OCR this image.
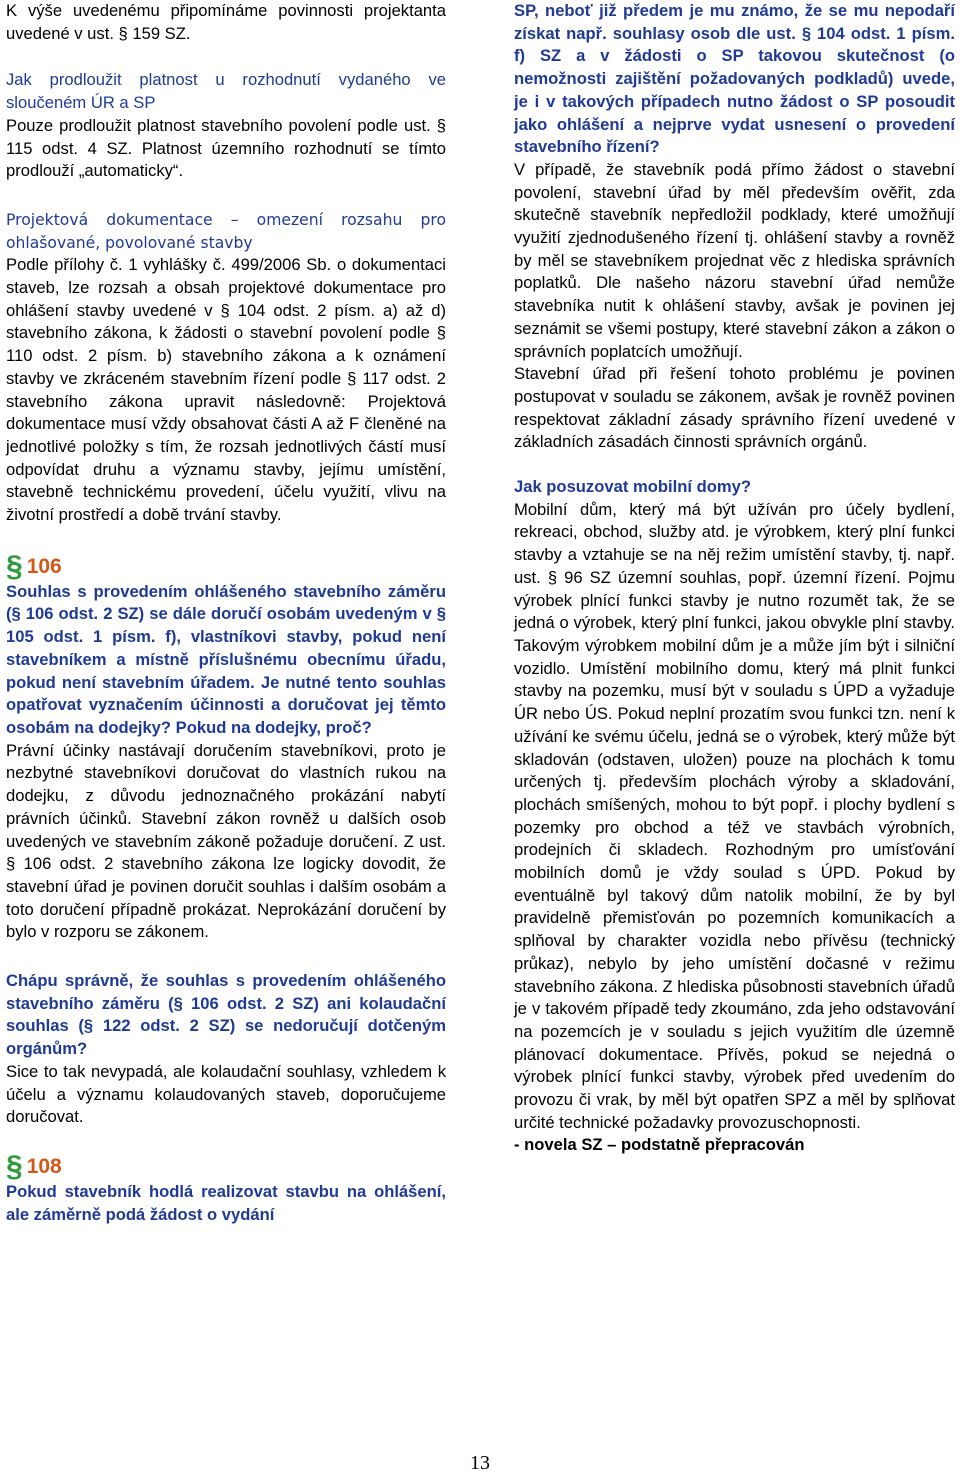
K výše uvedenému připomínáme povinnosti projektanta uvedené v ust. § 159 SZ.

Jak prodloužit platnost u rozhodnutí vydaného ve sloučeném ÚR a SP

Pouze prodloužit platnost stavebního povolení podle ust. § 115 odst. 4 SZ. Platnost územního rozhodnutí se tímto prodlouží „automaticky“.

Projektová dokumentace – omezení rozsahu pro ohlašované, povolované stavby

Podle přílohy č. 1 vyhlášky č. 499/2006 Sb. o dokumentaci staveb, lze rozsah a obsah projektové dokumentace pro ohlášení stavby uvedené v § 104 odst. 2 písm. a) až d) stavebního zákona, k žádosti o stavební povolení podle § 110 odst. 2 písm. b) stavebního zákona a k oznámení stavby ve zkráceném stavebním řízení podle § 117 odst. 2 stavebního zákona upravit následovně: Projektová dokumentace musí vždy obsahovat části A až F členěné na jednotlivé položky s tím, že rozsah jednotlivých částí musí odpovídat druhu a významu stavby, jejímu umístění, stavebně technickému provedení, účelu využití, vlivu na životní prostředí a době trvání stavby.

§ 106

Souhlas s provedením ohlášeného stavebního záměru (§ 106 odst. 2 SZ) se dále doručí osobám uvedeným v § 105 odst. 1 písm. f), vlastníkovi stavby, pokud není stavebníkem a místně příslušnému obecnímu úřadu, pokud není stavebním úřadem. Je nutné tento souhlas opatřovat vyznačením účinnosti a doručovat jej těmto osobám na dodejky? Pokud na dodejky, proč?

Právní účinky nastávají doručením stavebníkovi, proto je nezbytné stavebníkovi doručovat do vlastních rukou na dodejku, z důvodu jednoznačného prokázání nabytí právních účinků. Stavební zákon rovněž u dalších osob uvedených ve stavebním zákoně požaduje doručení. Z ust. § 106 odst. 2 stavebního zákona lze logicky dovodit, že stavební úřad je povinen doručit souhlas i dalším osobám a toto doručení případně prokázat. Neprokázání doručení by bylo v rozporu se zákonem.

Chápu správně, že souhlas s provedením ohlášeného stavebního záměru (§ 106 odst. 2 SZ) ani kolaudační souhlas (§ 122 odst. 2 SZ) se nedoručují dotčeným orgánům?

Sice to tak nevypadá, ale kolaudační souhlasy, vzhledem k účelu a významu kolaudovaných staveb, doporučujeme doručovat.

§ 108

Pokud stavebník hodlá realizovat stavbu na ohlášení, ale záměrně podá žádost o vydání

SP, neboť již předem je mu známo, že se mu nepodaří získat např. souhlasy osob dle ust. § 104 odst. 1 písm. f) SZ a v žádosti o SP takovou skutečnost (o nemožnosti zajištění požadovaných podkladů) uvede, je i v takových případech nutno žádost o SP posoudit jako ohlášení a nejprve vydat usnesení o provedení stavebního řízení?

V případě, že stavebník podá přímo žádost o stavební povolení, stavební úřad by měl především ověřit, zda skutečně stavebník nepředložil podklady, které umožňují využití zjednodušeného řízení tj. ohlášení stavby a rovněž by měl se stavebníkem projednat věc z hlediska správních poplatků. Dle našeho názoru stavební úřad nemůže stavebníka nutit k ohlášení stavby, avšak je povinen jej seznámit se všemi postupy, které stavební zákon a zákon o správních poplatcích umožňují.

Stavební úřad při řešení tohoto problému je povinen postupovat v souladu se zákonem, avšak je rovněž povinen respektovat základní zásady správního řízení uvedené v základních zásadách činnosti správních orgánů.

Jak posuzovat mobilní domy?

Mobilní dům, který má být užíván pro účely bydlení, rekreaci, obchod, služby atd. je výrobkem, který plní funkci stavby a vztahuje se na něj režim umístění stavby, tj. např. ust. § 96 SZ územní souhlas, popř. územní řízení. Pojmu výrobek plnící funkci stavby je nutno rozumět tak, že se jedná o výrobek, který plní funkci, jakou obvykle plní stavby. Takovým výrobkem mobilní dům je a může jím být i silniční vozidlo. Umístění mobilního domu, který má plnit funkci stavby na pozemku, musí být v souladu s ÚPD a vyžaduje ÚR nebo ÚS. Pokud neplní prozatím svou funkci tzn. není k užívání ke svému účelu, jedná se o výrobek, který může být skladován (odstaven, uložen) pouze na plochách k tomu určených tj. především plochách výroby a skladování, plochách smíšených, mohou to být popř. i plochy bydlení s pozemky pro obchod a též ve stavbách výrobních, prodejních či skladech. Rozhodným pro umísťování mobilních domů je vždy soulad s ÚPD. Pokud by eventuálně byl takový dům natolik mobilní, že by byl pravidelně přemisťován po pozemních komunikacích a splňoval by charakter vozidla nebo přívěsu (technický průkaz), nebylo by jeho umístění dočasné v režimu stavebního zákona. Z hlediska působnosti stavebních úřadů je v takovém případě tedy zkoumáno, zda jeho odstavování na pozemcích je v souladu s jejich využitím dle územně plánovací dokumentace. Přívěs, pokud se nejedná o výrobek plnící funkci stavby, výrobek před uvedením do provozu či vrak, by měl být opatřen SPZ a měl by splňovat určité technické požadavky provozuschopnosti.

- novela SZ – podstatně přepracován

13
